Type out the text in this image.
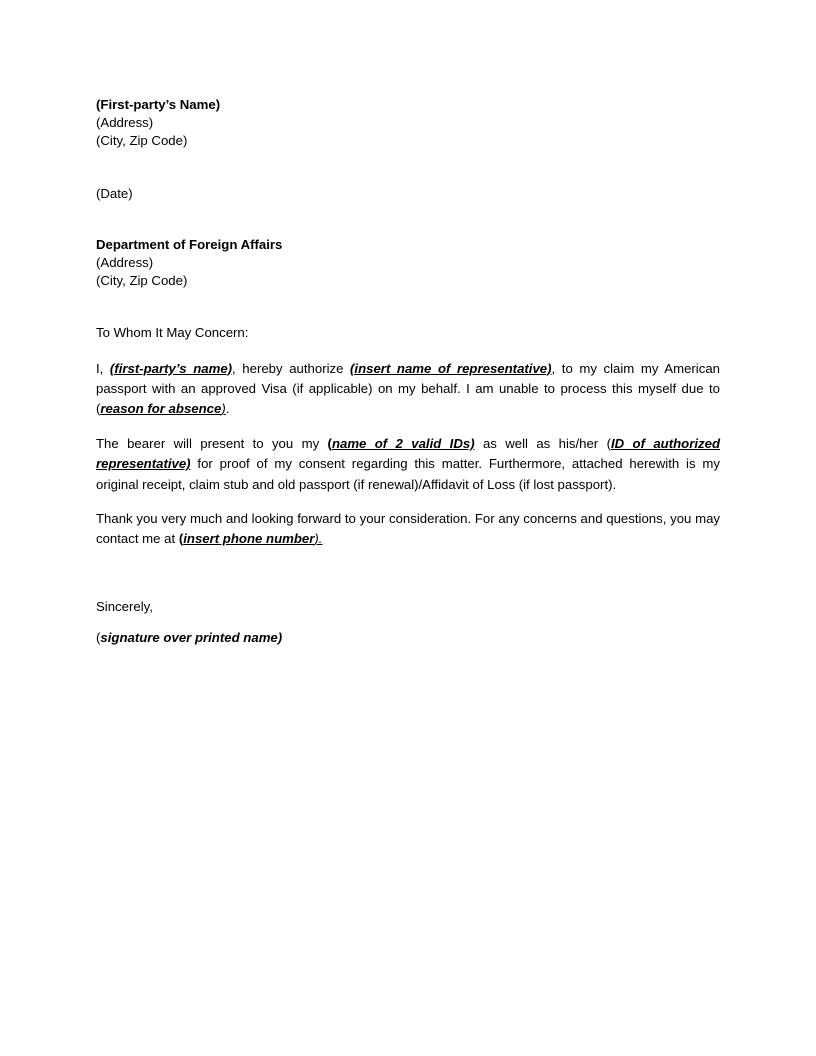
(First-party’s Name)
(Address)
(City, Zip Code)
(Date)
Department of Foreign Affairs
(Address)
(City, Zip Code)
To Whom It May Concern:

I, (first-party’s name), hereby authorize (insert name of representative), to my claim my American passport with an approved Visa (if applicable) on my behalf. I am unable to process this myself due to (reason for absence).

The bearer will present to you my (name of 2 valid IDs) as well as his/her (ID of authorized representative) for proof of my consent regarding this matter. Furthermore, attached herewith is my original receipt, claim stub and old passport (if renewal)/Affidavit of Loss (if lost passport).

Thank you very much and looking forward to your consideration. For any concerns and questions, you may contact me at (insert phone number).

Sincerely,
(signature over printed name)
